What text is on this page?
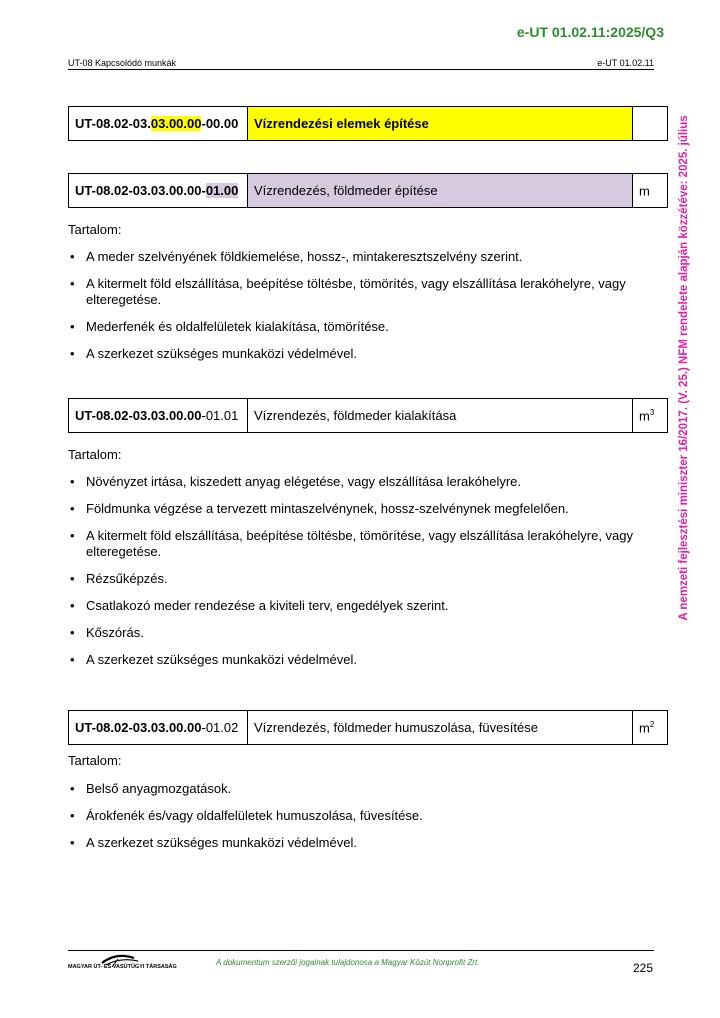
e-UT 01.02.11:2025/Q3
UT-08 Kapcsolódó munkák	e-UT 01.02.11
A nemzeti fejlesztési miniszter 16/2017. (V. 25.) NFM rendelete alapján közzétéve: 2025. július
UT-08.02-03.03.00.00-00.00	Vízrendezési elemek építése	
UT-08.02-03.03.00.00-01.00	Vízrendezés, földmeder építése	m
Tartalom:
• A meder szelvényének földkiemelése, hossz-, mintakeresztszelvény szerint.
• A kitermelt föld elszállítása, beépítése töltésbe, tömörítés, vagy elszállítása lerakóhelyre, vagy elteregetése.
• Mederfenék és oldalfelületek kialakítása, tömörítése.
• A szerkezet szükséges munkaközi védelmével.
UT-08.02-03.03.00.00-01.01	Vízrendezés, földmeder kialakítása	$m^3$
Tartalom:
• Növényzet irtása, kiszedett anyag elégetése, vagy elszállítása lerakóhelyre.
• Földmunka végzése a tervezett mintaszelvénynek, hossz-szelvénynek megfelelően.
• A kitermelt föld elszállítása, beépítése töltésbe, tömörítése, vagy elszállítása lerakóhelyre, vagy elteregetése.
• Rézsűképzés.
• Csatlakozó meder rendezése a kiviteli terv, engedélyek szerint.
• Kőszórás.
• A szerkezet szükséges munkaközi védelmével.
UT-08.02-03.03.00.00-01.02	Vízrendezés, földmeder humuszolása, füvesítése	$m^2$
Tartalom:
• Belső anyagmozgatások.
• Árokfenék és/vagy oldalfelületek humuszolása, füvesítése.
• A szerkezet szükséges munkaközi védelmével.
MAGYAR ÚT- ÉS VASÚTÜGYI TÁRSASÁG	A dokumentum szerzői jogainak tulajdonosa a Magyar Közút Nonprofit Zrt.	225
